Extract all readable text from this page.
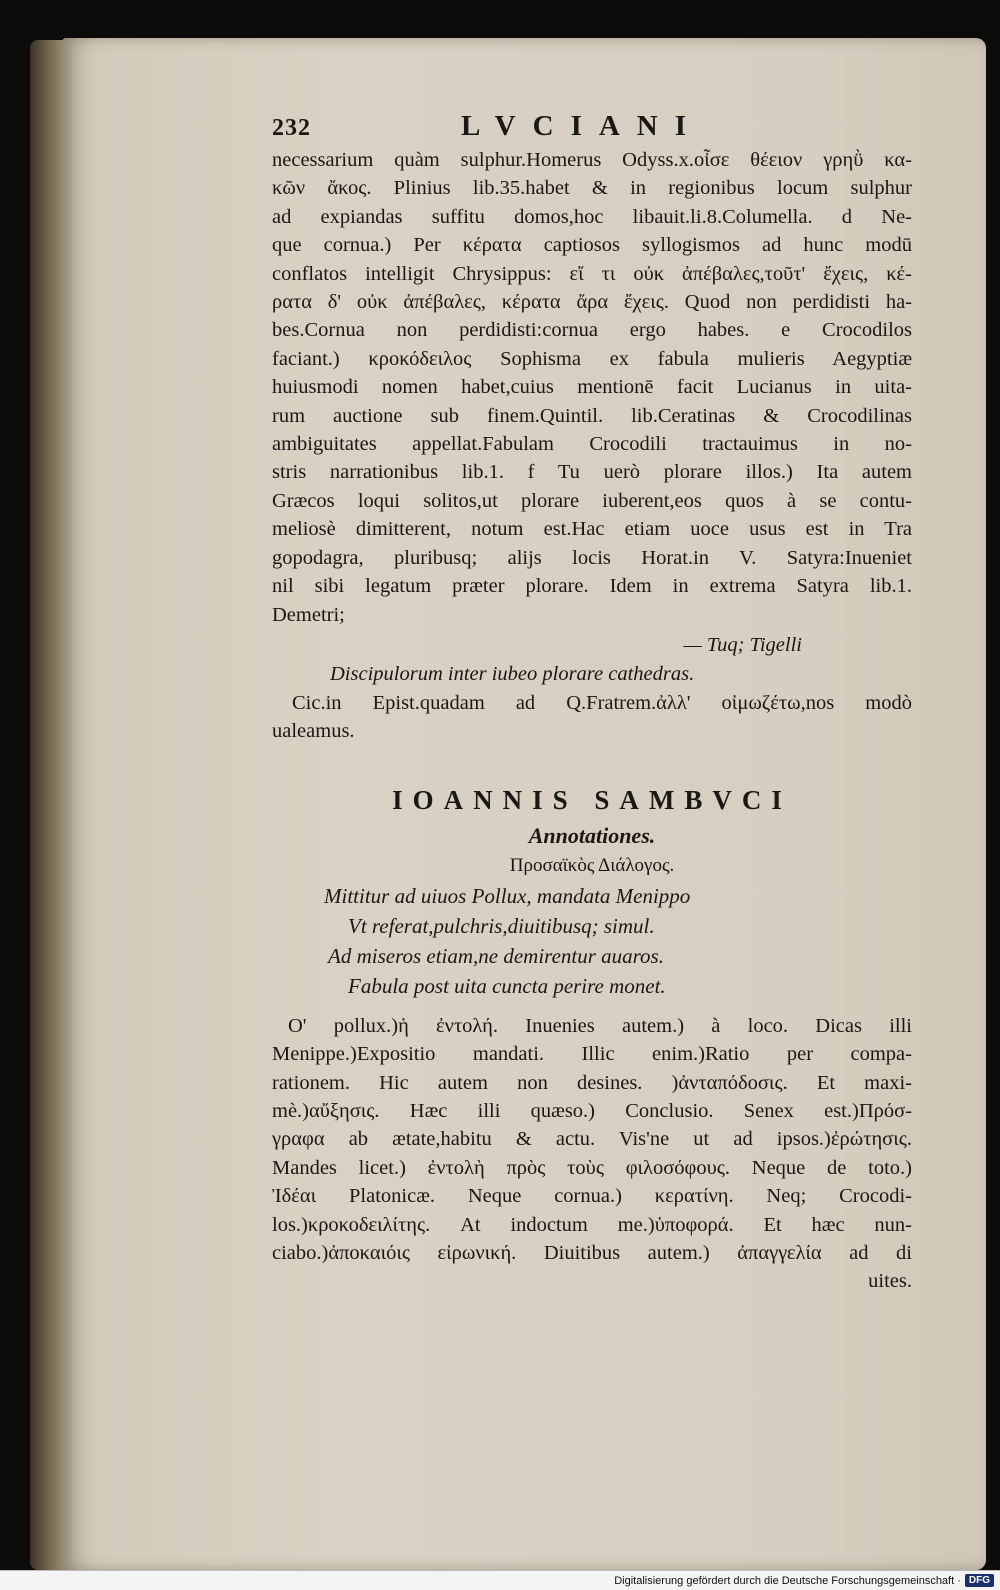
232	LVCIANI
necessarium quàm sulphur.Homerus Odyss.x.οἶσε θέειον γρηῢ κα-
κῶν ἄκος. Plinius lib.35.habet & in regionibus locum sulphur
ad expiandas suffitu domos,hoc libauit.li.8.Columella. d Ne-
que cornua.) Per κέρατα captiosos syllogismos ad hunc modū
conflatos intelligit Chrysippus: εἴ τι οὐκ ἀπέβαλες,τοῦτ' ἔχεις, κέ-
ρατα δ' οὐκ ἀπέβαλες, κέρατα ἄρα ἔχεις. Quod non perdidisti ha-
bes.Cornua non perdidisti:cornua ergo habes. e Crocodilos
faciant.) κροκόδειλος Sophisma ex fabula mulieris Aegyptiæ
huiusmodi nomen habet,cuius mentionē facit Lucianus in uita-
rum auctione sub finem.Quintil. lib.Ceratinas & Crocodilinas
ambiguitates appellat.Fabulam Crocodili tractauimus in no-
stris narrationibus lib.1. f Tu uerò plorare illos.) Ita autem
Græcos loqui solitos,ut plorare iuberent,eos quos à se contu-
meliosè dimitterent, notum est.Hac etiam uoce usus est in Tra
gopodagra, pluribusq; alijs locis Horat.in V. Satyra:Inueniet
nil sibi legatum præter plorare. Idem in extrema Satyra lib.1.
Demetri;
— Tuq; Tigelli
Discipulorum inter iubeo plorare cathedras.
Cic.in Epist.quadam ad Q.Fratrem.ἀλλ' οἰμωζέτω,nos modò
ualeamus.
IOANNIS SAMBVCI
Annotationes.
Προσαϊκὸς Διάλογος.
Mittitur ad uiuos Pollux, mandata Menippo
Vt referat,pulchris,diuitibusq; simul.
Ad miseros etiam,ne demirentur auaros.
Fabula post uita cuncta perire monet.
O' pollux.)ἡ ἐντολή. Inuenies autem.) à loco. Dicas illi
Menippe.)Expositio mandati. Illic enim.)Ratio per compa-
rationem. Hic autem non desines. )ἀνταπόδοσις. Et maxi-
mè.)αὔξησις. Hæc illi quæso.) Conclusio. Senex est.)Πρόσ-
γραφα ab ætate,habitu & actu. Vis'ne ut ad ipsos.)ἐρώτησις.
Mandes licet.) ἐντολὴ πρὸς τοὺς φιλοσόφους. Neque de toto.)
Ἰδέαι Platonicæ. Neque cornua.) κερατίνη. Neq; Crocodi-
los.)κροκοδειλίτης. At indoctum me.)ὑποφορά. Et hæc nun-
ciabo.)ἀποκαιόις εἰρωνική. Diuitibus autem.) ἀπαγγελία ad di
uites.
Digitalisierung gefördert durch die Deutsche Forschungsgemeinschaft · DFG
